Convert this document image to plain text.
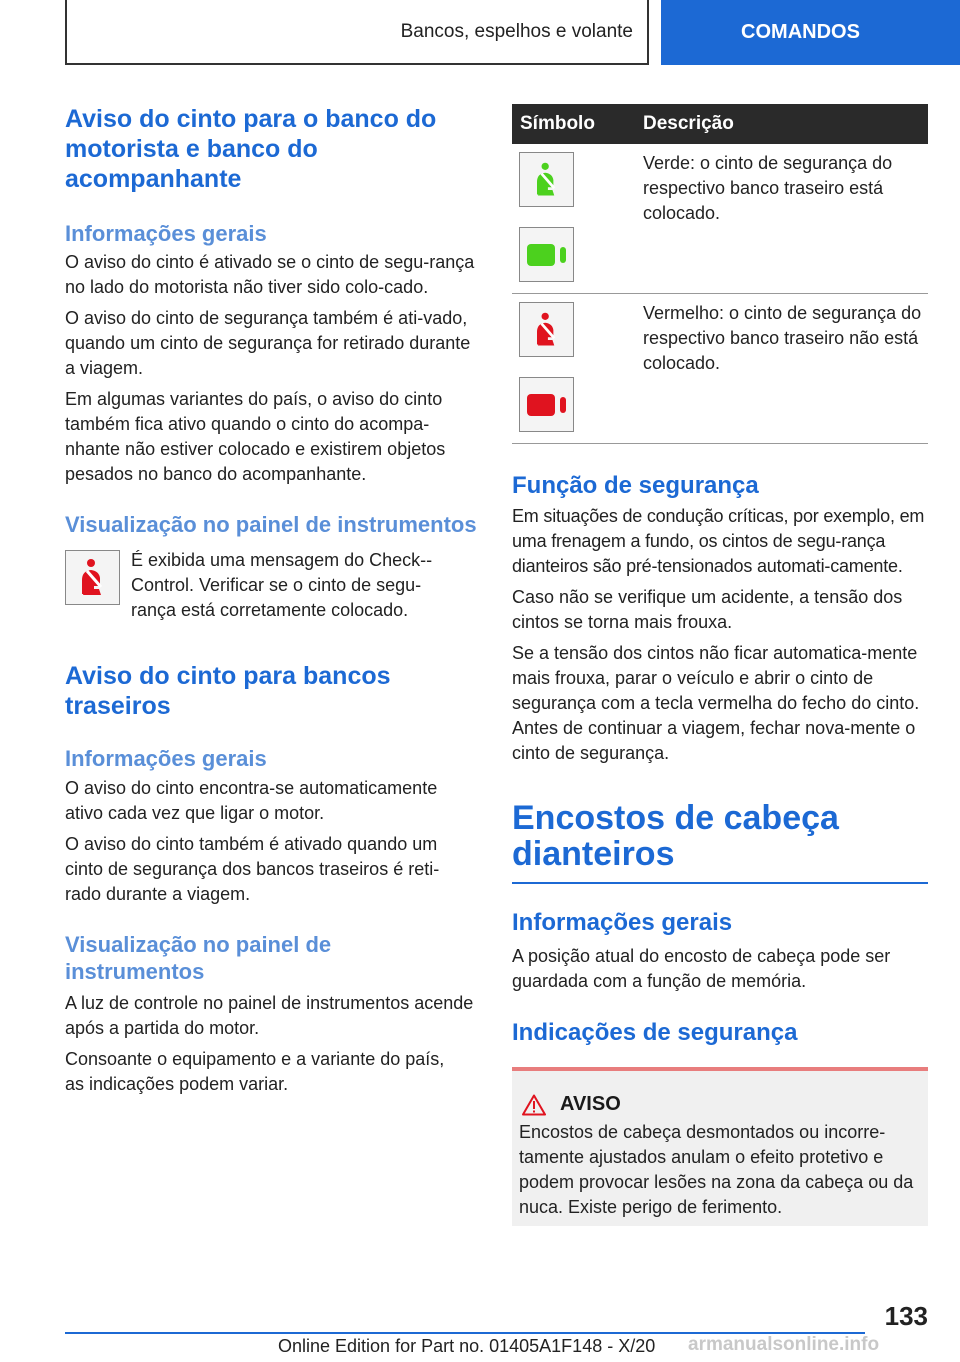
Bancos, espelhos e volante	COMANDOS
Aviso do cinto para o banco do motorista e banco do acompanhante
Informações gerais

O aviso do cinto é ativado se o cinto de segu-rança no lado do motorista não tiver sido colo-cado.

O aviso do cinto de segurança também é ati-vado, quando um cinto de segurança for retirado durante a viagem.

Em algumas variantes do país, o aviso do cinto também fica ativo quando o cinto do acompa-nhante não estiver colocado e existirem objetos pesados no banco do acompanhante.

Visualização no painel de instrumentos

É exibida uma mensagem do Check--Control. Verificar se o cinto de segu-rança está corretamente colocado.

Aviso do cinto para bancos traseiros
Informações gerais

O aviso do cinto encontra-se automaticamente ativo cada vez que ligar o motor.

O aviso do cinto também é ativado quando um cinto de segurança dos bancos traseiros é reti-rado durante a viagem.

Visualização no painel de instrumentos

A luz de controle no painel de instrumentos acende após a partida do motor.

Consoante o equipamento e a variante do país, as indicações podem variar.

Símbolo	Descrição
Verde: o cinto de segurança do respectivo banco traseiro está colocado.
Vermelho: o cinto de segurança do respectivo banco traseiro não está colocado.
Função de segurança

Em situações de condução críticas, por exemplo, em uma frenagem a fundo, os cintos de segu-rança dianteiros são pré-tensionados automati-camente.

Caso não se verifique um acidente, a tensão dos cintos se torna mais frouxa.

Se a tensão dos cintos não ficar automatica-mente mais frouxa, parar o veículo e abrir o cinto de segurança com a tecla vermelha do fecho do cinto. Antes de continuar a viagem, fechar nova-mente o cinto de segurança.

Encostos de cabeça dianteiros
Informações gerais

A posição atual do encosto de cabeça pode ser guardada com a função de memória.

Indicações de segurança
AVISO

Encostos de cabeça desmontados ou incorre-tamente ajustados anulam o efeito protetivo e podem provocar lesões na zona da cabeça ou da nuca. Existe perigo de ferimento.

133
Online Edition for Part no. 01405A1F148 - X/20 armanualsonline.info
